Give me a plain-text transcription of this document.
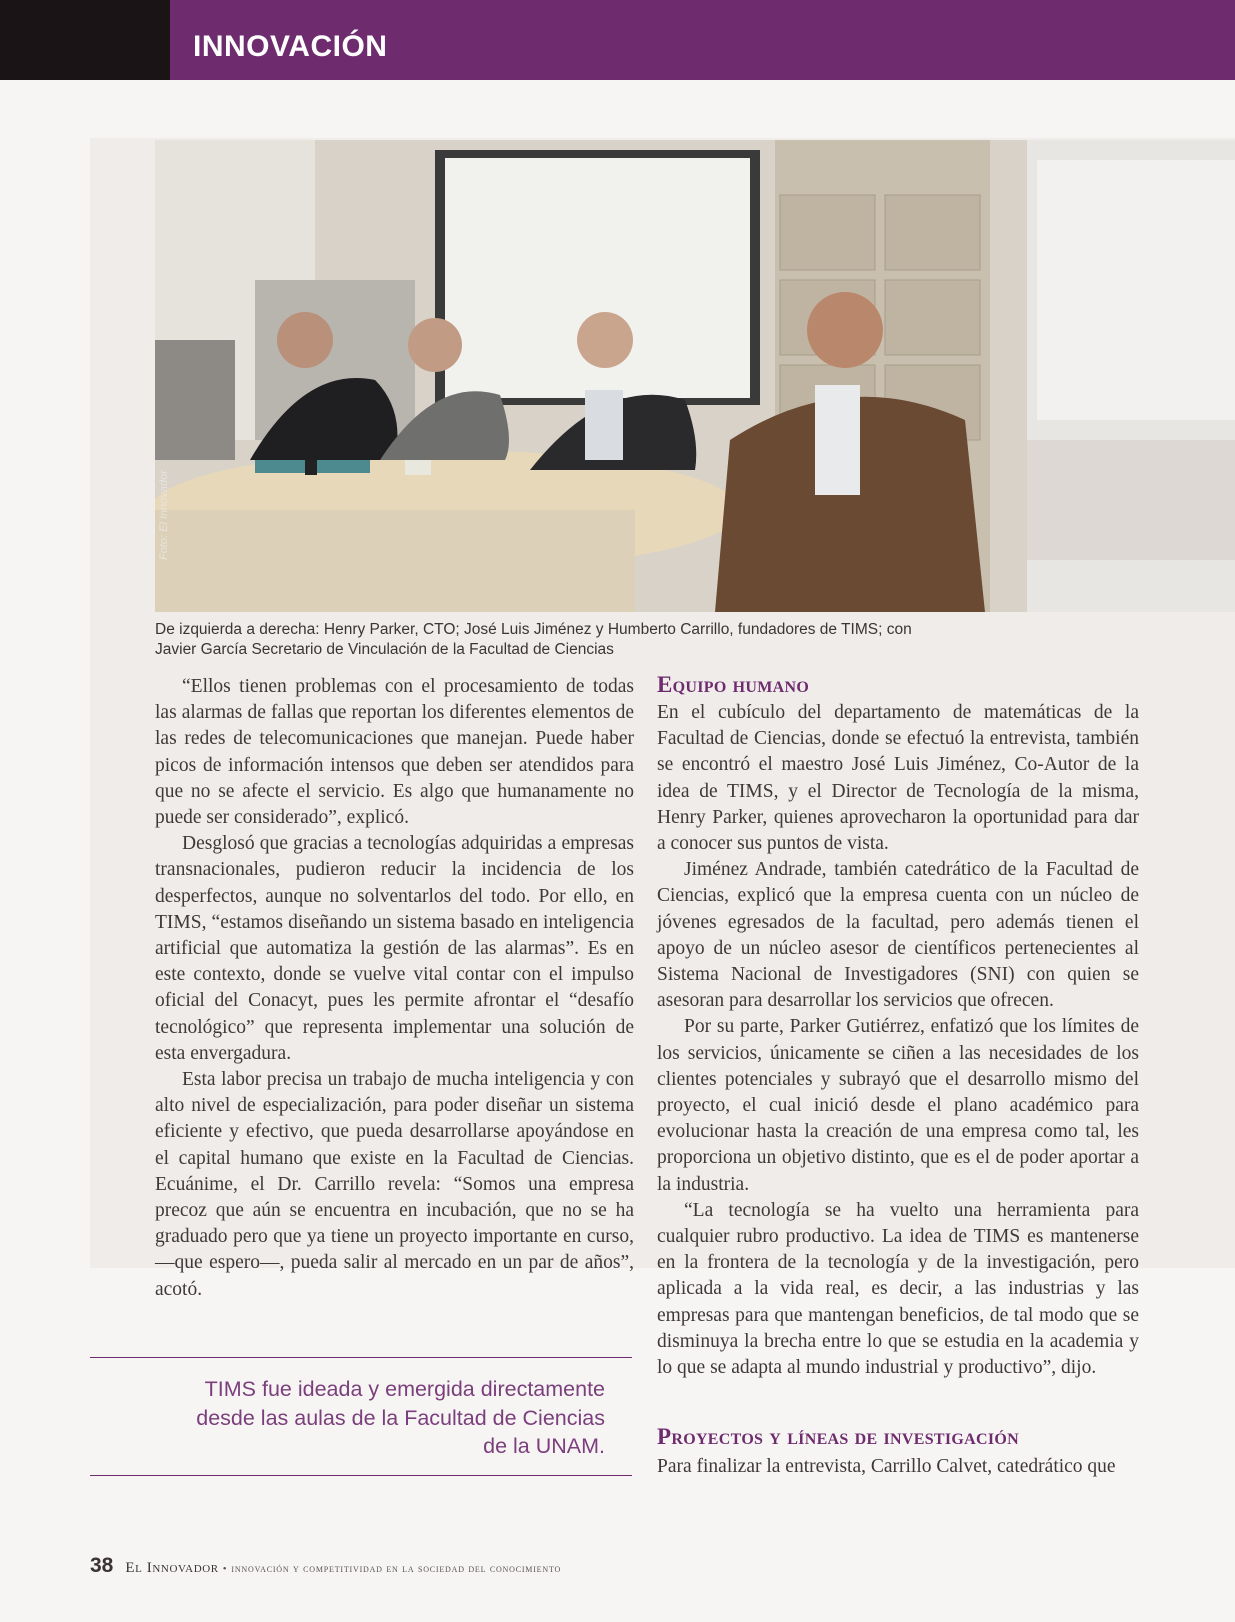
INNOVACIÓN
Foto: El Innovador
De izquierda a derecha: Henry Parker, CTO; José Luis Jiménez y Humberto Carrillo, fundadores de TIMS; con
Javier García Secretario de Vinculación de la Facultad de Ciencias

“Ellos tienen problemas con el procesamiento de todas las alarmas de fallas que reportan los diferentes elementos de las redes de telecomunicaciones que manejan. Puede haber picos de información intensos que deben ser atendidos para que no se afecte el servicio. Es algo que humanamente no puede ser considerado”, explicó.

Desglosó que gracias a tecnologías adquiridas a empresas transnacionales, pudieron reducir la incidencia de los desperfectos, aunque no solventarlos del todo. Por ello, en TIMS, “estamos diseñando un sistema basado en inteligencia artificial que automatiza la gestión de las alarmas”. Es en este contexto, donde se vuelve vital contar con el impulso oficial del Conacyt, pues les permite afrontar el “desafío tecnológico” que representa implementar una solución de esta envergadura.

Esta labor precisa un trabajo de mucha inteligencia y con alto nivel de especialización, para poder diseñar un sistema eficiente y efectivo, que pueda desarrollarse apoyándose en el capital humano que existe en la Facultad de Ciencias. Ecuánime, el Dr. Carrillo revela: “Somos una empresa precoz que aún se encuentra en incubación, que no se ha graduado pero que ya tiene un proyecto importante en curso, —que espero—, pueda salir al mercado en un par de años”, acotó.

TIMS fue ideada y emergida directamente
desde las aulas de la Facultad de Ciencias
de la UNAM.
Equipo humano

En el cubículo del departamento de matemáticas de la Facultad de Ciencias, donde se efectuó la entrevista, también se encontró el maestro José Luis Jiménez, Co-Autor de la idea de TIMS, y el Director de Tecnología de la misma, Henry Parker, quienes aprovecharon la oportunidad para dar a conocer sus puntos de vista.

Jiménez Andrade, también catedrático de la Facultad de Ciencias, explicó que la empresa cuenta con un núcleo de jóvenes egresados de la facultad, pero además tienen el apoyo de un núcleo asesor de científicos pertenecientes al Sistema Nacional de Investigadores (SNI) con quien se asesoran para desarrollar los servicios que ofrecen.

Por su parte, Parker Gutiérrez, enfatizó que los límites de los servicios, únicamente se ciñen a las necesidades de los clientes potenciales y subrayó que el desarrollo mismo del proyecto, el cual inició desde el plano académico para evolucionar hasta la creación de una empresa como tal, les proporciona un objetivo distinto, que es el de poder aportar a la industria.

“La tecnología se ha vuelto una herramienta para cualquier rubro productivo. La idea de TIMS es mantenerse en la frontera de la tecnología y de la investigación, pero aplicada a la vida real, es decir, a las industrias y las empresas para que mantengan beneficios, de tal modo que se disminuya la brecha entre lo que se estudia en la academia y lo que se adapta al mundo industrial y productivo”, dijo.

Proyectos y líneas de investigación

Para finalizar la entrevista, Carrillo Calvet, catedrático que

38 El Innovador • innovación y competitividad en la sociedad del conocimiento
